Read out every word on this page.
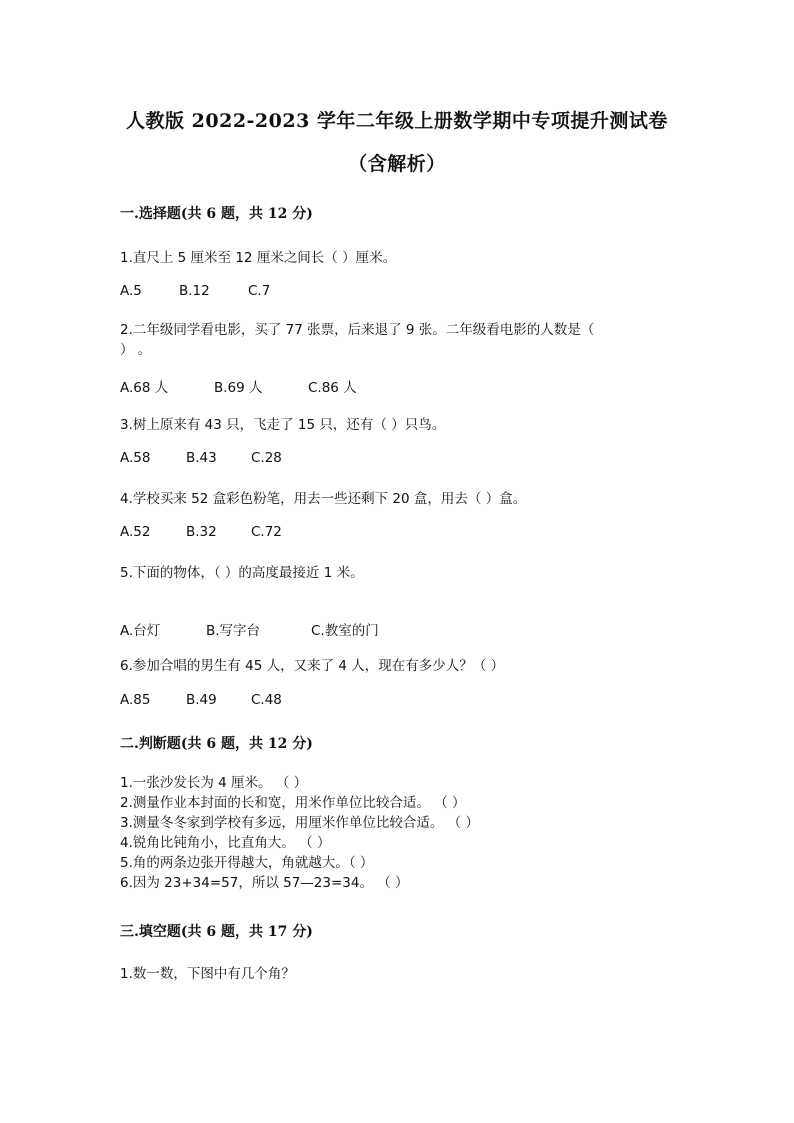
人教版 2022-2023 学年二年级上册数学期中专项提升测试卷
（含解析）
一.选择题(共 6 题，共 12 分)
1.直尺上 5 厘米至 12 厘米之间长（ ）厘米。
A.5	B.12	C.7
2.二年级同学看电影，买了 77 张票，后来退了 9 张。二年级看电影的人数是（
） 。
A.68 人	B.69 人	C.86 人
3.树上原来有 43 只，飞走了 15 只，还有（ ）只鸟。
A.58	B.43	C.28
4.学校买来 52 盒彩色粉笔，用去一些还剩下 20 盒，用去（ ）盒。
A.52	B.32	C.72
5.下面的物体，（ ）的高度最接近 1 米。
A.台灯	B.写字台	C.教室的门
6.参加合唱的男生有 45 人，又来了 4 人，现在有多少人？（ ）
A.85	B.49	C.48
二.判断题(共 6 题，共 12 分)
1.一张沙发长为 4 厘米。 （ ）
2.测量作业本封面的长和宽，用米作单位比较合适。 （ ）
3.测量冬冬家到学校有多远，用厘米作单位比较合适。 （ ）
4.锐角比钝角小，比直角大。 （ ）
5.角的两条边张开得越大，角就越大。（ ）
6.因为 23+34=57，所以 57—23=34。 （ ）
三.填空题(共 6 题，共 17 分)
1.数一数，下图中有几个角？
